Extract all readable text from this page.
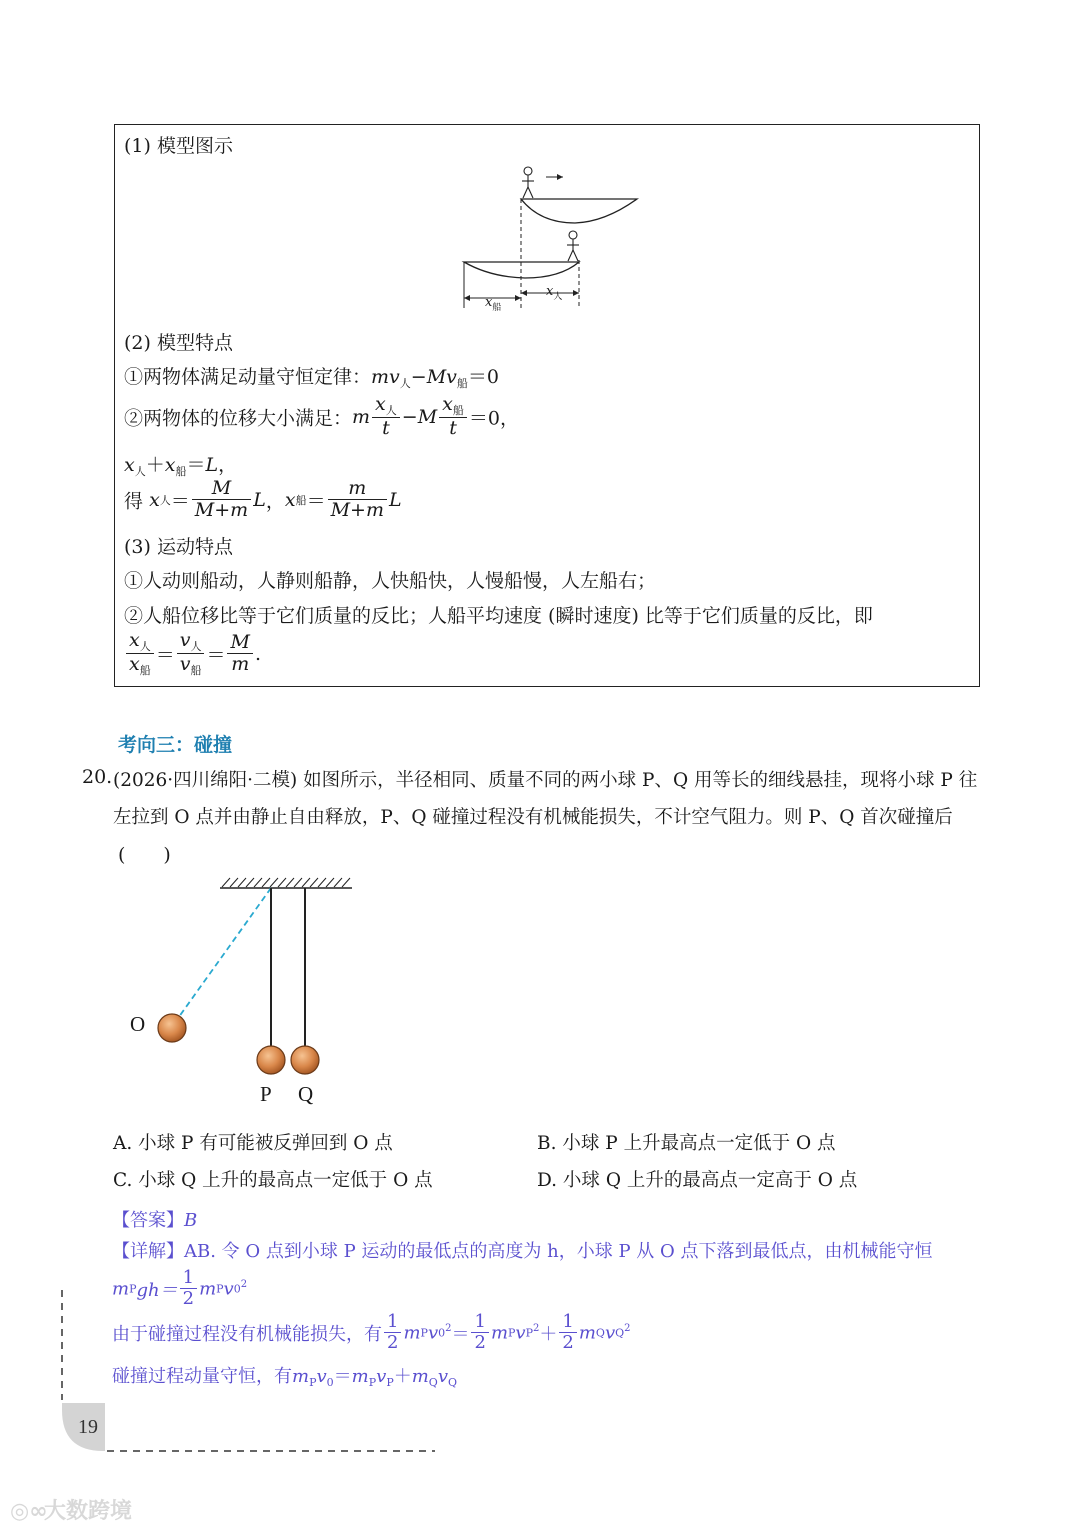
(1) 模型图示
$x_人$
$x_船$
(2) 模型特点
①两物体满足动量守恒定律：$mv_人-Mv_船=0$
②两物体的位移大小满足：m $\frac{x_人}{t} -M \frac{x_船}{t} =0$，
$x_人+x_船=L$，
得 x人＝ $\frac{M}{M+m}$ L，x船＝ $\frac{m}{M+m}$ L
(3) 运动特点
①人动则船动，人静则船静，人快船快，人慢船慢，人左船右；
②人船位移比等于它们质量的反比；人船平均速度 (瞬时速度) 比等于它们质量的反比，即
$\frac{x_人}{x_船} = \frac{v_人}{v_船} = \frac{M}{m}$ .
考向三：碰撞
20. (2026·四川绵阳·二模) 如图所示，半径相同、质量不同的两小球 P、Q 用等长的细线悬挂，现将小球 P 往
左拉到 O 点并由静止自由释放，P、Q 碰撞过程没有机械能损失，不计空气阻力。则 P、Q 首次碰撞后
(　　)
O
P Q
A. 小球 P 有可能被反弹回到 O 点	B. 小球 P 上升最高点一定低于 O 点
C. 小球 Q 上升的最高点一定低于 O 点	D. 小球 Q 上升的最高点一定高于 O 点
【答案】B
【详解】AB. 令 O 点到小球 P 运动的最低点的高度为 h，小球 P 从 O 点下落到最低点，由机械能守恒
mPgh＝ $\frac{1}{2} mPv0^2$
由于碰撞过程没有机械能损失，有 $\frac{1}{2} mPv0^2= \frac{1}{2}$ mPvP$^2$＋ $\frac{1}{2}$ mQvQ$^2$
碰撞过程动量守恒，有$m_Pv_0=m_Pv_P+m_Qv_Q$
19
◎∞大数跨境
